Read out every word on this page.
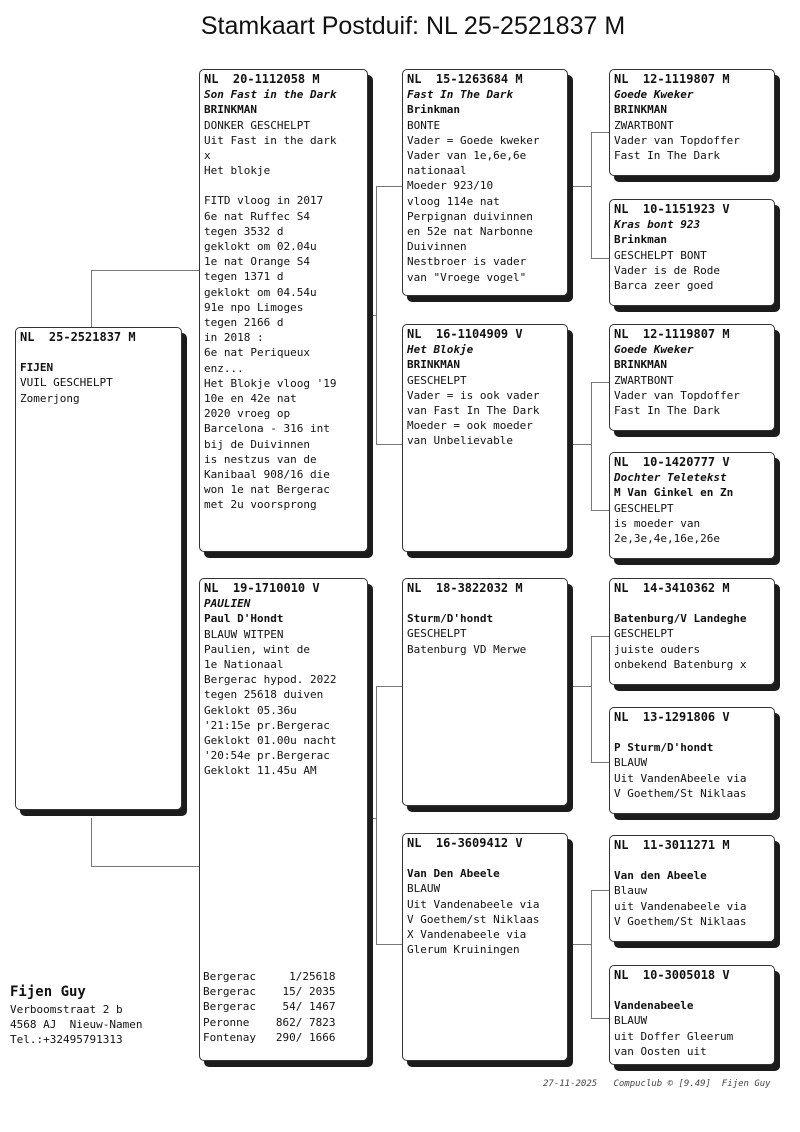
Stamkaart Postduif: NL 25-2521837 M
NL  25-2521837 M
FIJEN
VUIL GESCHELPT
Zomerjong
NL  20-1112058 M
Son Fast in the Dark
BRINKMAN
DONKER GESCHELPT
Uit Fast in the dark
x
Het blokje
FITD vloog in 2017
6e nat Ruffec S4
tegen 3532 d
geklokt om 02.04u
1e nat Orange S4
tegen 1371 d
geklokt om 04.54u
91e npo Limoges
tegen 2166 d
in 2018 :
6e nat Periqueux
enz...
Het Blokje vloog '19
10e en 42e nat
2020 vroeg op
Barcelona - 316 int
bij de Duivinnen
is nestzus van de
Kanibaal 908/16 die
won 1e nat Bergerac
met 2u voorsprong
NL  19-1710010 V
PAULIEN
Paul D'Hondt
BLAUW WITPEN
Paulien, wint de
1e Nationaal
Bergerac hypod. 2022
tegen 25618 duiven
Geklokt 05.36u
'21:15e pr.Bergerac
Geklokt 01.00u nacht
'20:54e pr.Bergerac
Geklokt 11.45u AM
Bergerac     1/25618
Bergerac    15/ 2035
Bergerac    54/ 1467
Peronne    862/ 7823
Fontenay   290/ 1666
NL  15-1263684 M
Fast In The Dark
Brinkman
BONTE
Vader = Goede kweker
Vader van 1e,6e,6e
nationaal
Moeder 923/10
vloog 114e nat
Perpignan duivinnen
en 52e nat Narbonne
Duivinnen
Nestbroer is vader
van "Vroege vogel"
NL  16-1104909 V
Het Blokje
BRINKMAN
GESCHELPT
Vader = is ook vader
van Fast In The Dark
Moeder = ook moeder
van Unbelievable
NL  18-3822032 M
Sturm/D'hondt
GESCHELPT
Batenburg VD Merwe
NL  16-3609412 V
Van Den Abeele
BLAUW
Uit Vandenabeele via
V Goethem/st Niklaas
X Vandenabeele via
Glerum Kruiningen
NL  12-1119807 M
Goede Kweker
BRINKMAN
ZWARTBONT
Vader van Topdoffer
Fast In The Dark
NL  10-1151923 V
Kras bont 923
Brinkman
GESCHELPT BONT
Vader is de Rode
Barca zeer goed
NL  12-1119807 M
Goede Kweker
BRINKMAN
ZWARTBONT
Vader van Topdoffer
Fast In The Dark
NL  10-1420777 V
Dochter Teletekst
M Van Ginkel en Zn
GESCHELPT
is moeder van
2e,3e,4e,16e,26e
NL  14-3410362 M
Batenburg/V Landeghe
GESCHELPT
juiste ouders
onbekend Batenburg x
NL  13-1291806 V
P Sturm/D'hondt
BLAUW
Uit VandenAbeele via
V Goethem/St Niklaas
NL  11-3011271 M
Van den Abeele
Blauw
uit Vandenabeele via
V Goethem/St Niklaas
NL  10-3005018 V
Vandenabeele
BLAUW
uit Doffer Gleerum
van Oosten uit
Fijen Guy
Verboomstraat 2 b
4568 AJ  Nieuw-Namen
Tel.:+32495791313
27-11-2025   Compuclub © [9.49]  Fijen Guy
